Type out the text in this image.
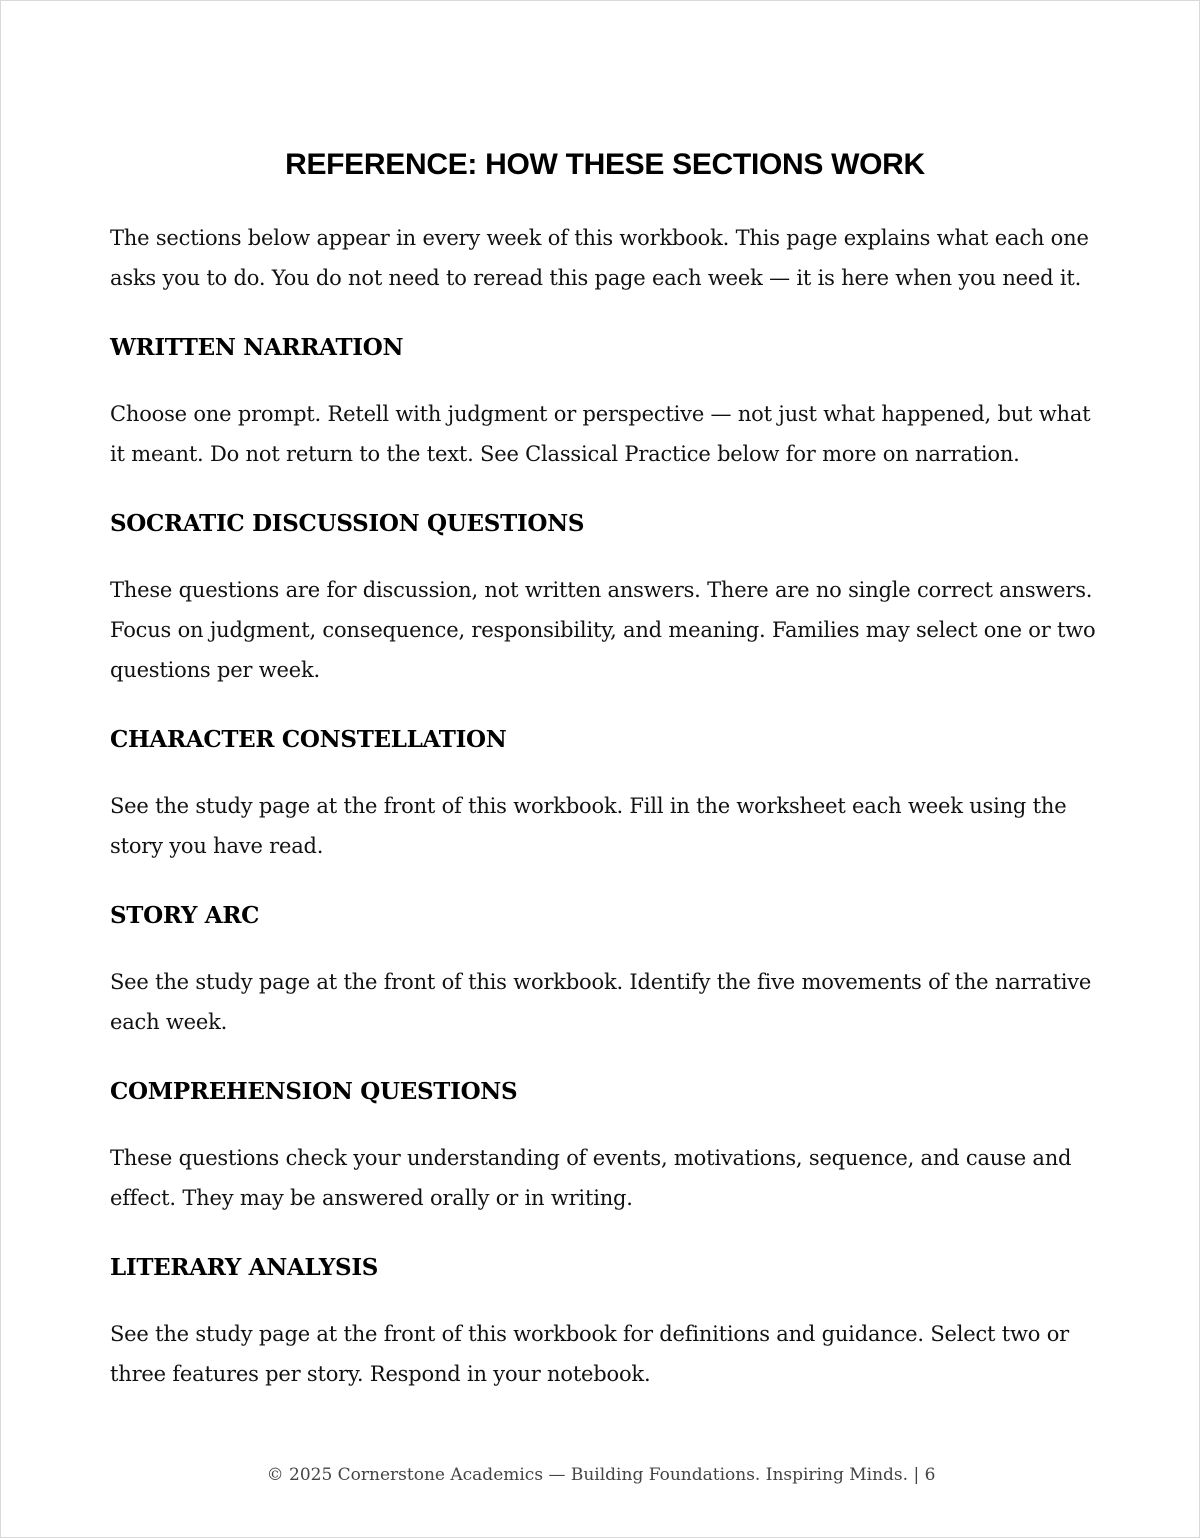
REFERENCE: HOW THESE SECTIONS WORK

The sections below appear in every week of this workbook. This page explains what each one asks you to do. You do not need to reread this page each week — it is here when you need it.

WRITTEN NARRATION

Choose one prompt. Retell with judgment or perspective — not just what happened, but what it meant. Do not return to the text. See Classical Practice below for more on narration.

SOCRATIC DISCUSSION QUESTIONS

These questions are for discussion, not written answers. There are no single correct answers. Focus on judgment, consequence, responsibility, and meaning. Families may select one or two questions per week.

CHARACTER CONSTELLATION

See the study page at the front of this workbook. Fill in the worksheet each week using the story you have read.

STORY ARC

See the study page at the front of this workbook. Identify the five movements of the narrative each week.

COMPREHENSION QUESTIONS

These questions check your understanding of events, motivations, sequence, and cause and effect. They may be answered orally or in writing.

LITERARY ANALYSIS

See the study page at the front of this workbook for definitions and guidance. Select two or three features per story. Respond in your notebook.

© 2025 Cornerstone Academics — Building Foundations. Inspiring Minds. | 6
